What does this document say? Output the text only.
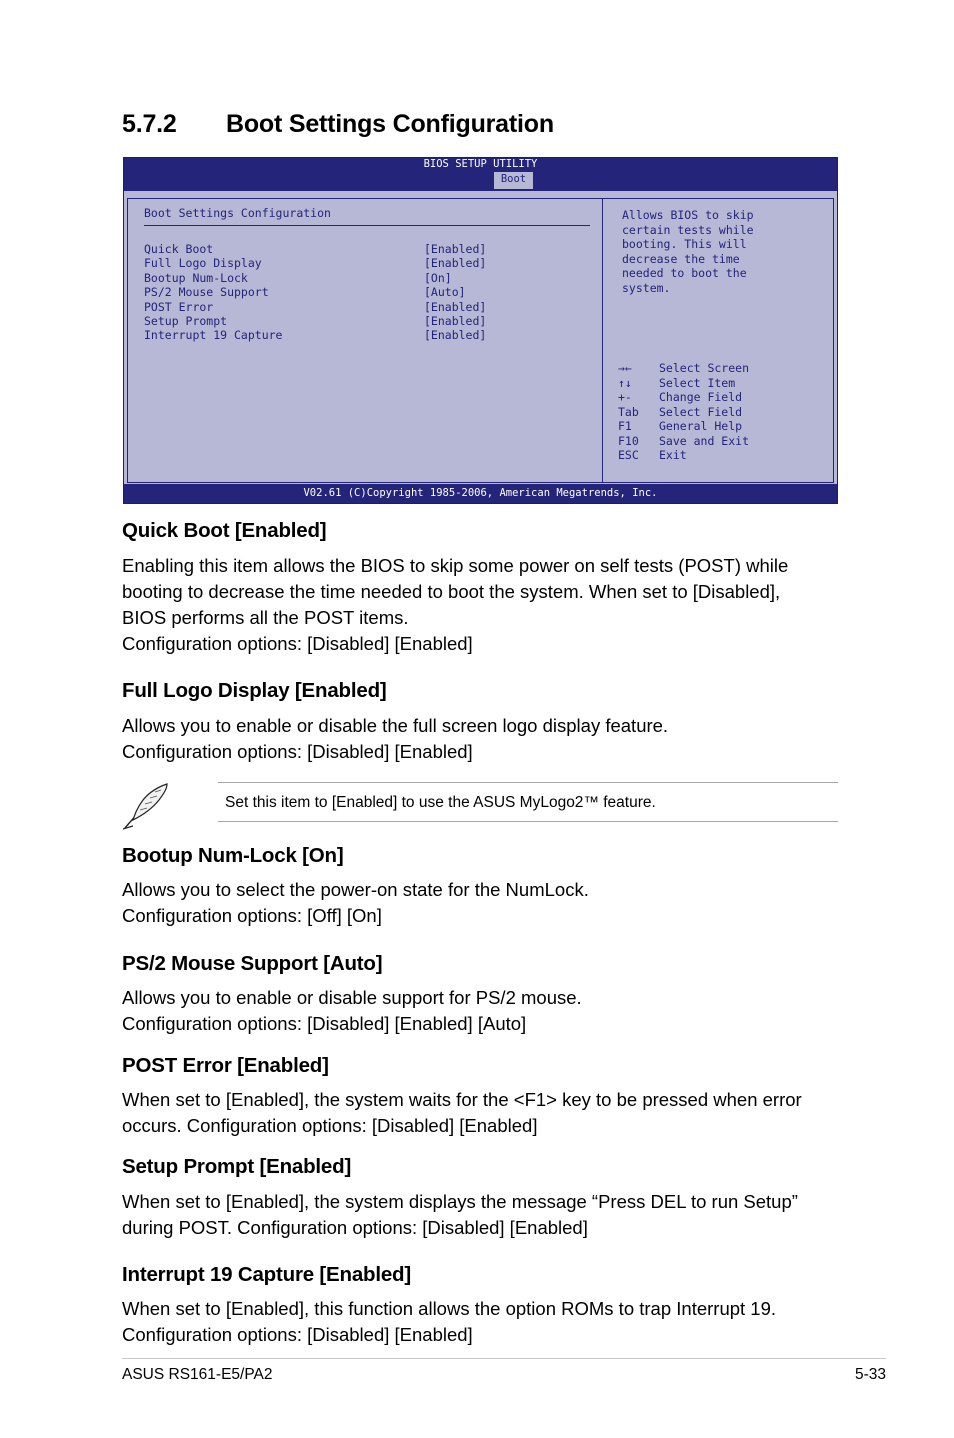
5.7.2 Boot Settings Configuration
BIOS SETUP UTILITY
Boot
Boot Settings Configuration
Quick Boot	[Enabled]
Full Logo Display	[Enabled]
Bootup Num-Lock	[On]
PS/2 Mouse Support	[Auto]
POST Error	[Enabled]
Setup Prompt	[Enabled]
Interrupt 19 Capture	[Enabled]
Allows BIOS to skip
certain tests while
booting. This will
decrease the time
needed to boot the
system.
→← Select Screen
↑↓ Select Item
+- Change Field
Tab Select Field
F1 General Help
F10 Save and Exit
ESC Exit
V02.61 (C)Copyright 1985-2006, American Megatrends, Inc.
Quick Boot [Enabled]

Enabling this item allows the BIOS to skip some power on self tests (POST) while
booting to decrease the time needed to boot the system. When set to [Disabled],
BIOS performs all the POST items.
Configuration options: [Disabled] [Enabled]

Full Logo Display [Enabled]

Allows you to enable or disable the full screen logo display feature.
Configuration options: [Disabled] [Enabled]

Set this item to [Enabled] to use the ASUS MyLogo2™ feature.
Bootup Num-Lock [On]

Allows you to select the power-on state for the NumLock.
Configuration options: [Off] [On]

PS/2 Mouse Support [Auto]

Allows you to enable or disable support for PS/2 mouse.
Configuration options: [Disabled] [Enabled] [Auto]

POST Error [Enabled]

When set to [Enabled], the system waits for the <F1> key to be pressed when error
occurs. Configuration options: [Disabled] [Enabled]

Setup Prompt [Enabled]

When set to [Enabled], the system displays the message “Press DEL to run Setup”
during POST. Configuration options: [Disabled] [Enabled]

Interrupt 19 Capture [Enabled]

When set to [Enabled], this function allows the option ROMs to trap Interrupt 19.
Configuration options: [Disabled] [Enabled]

ASUS RS161-E5/PA2	5-33
